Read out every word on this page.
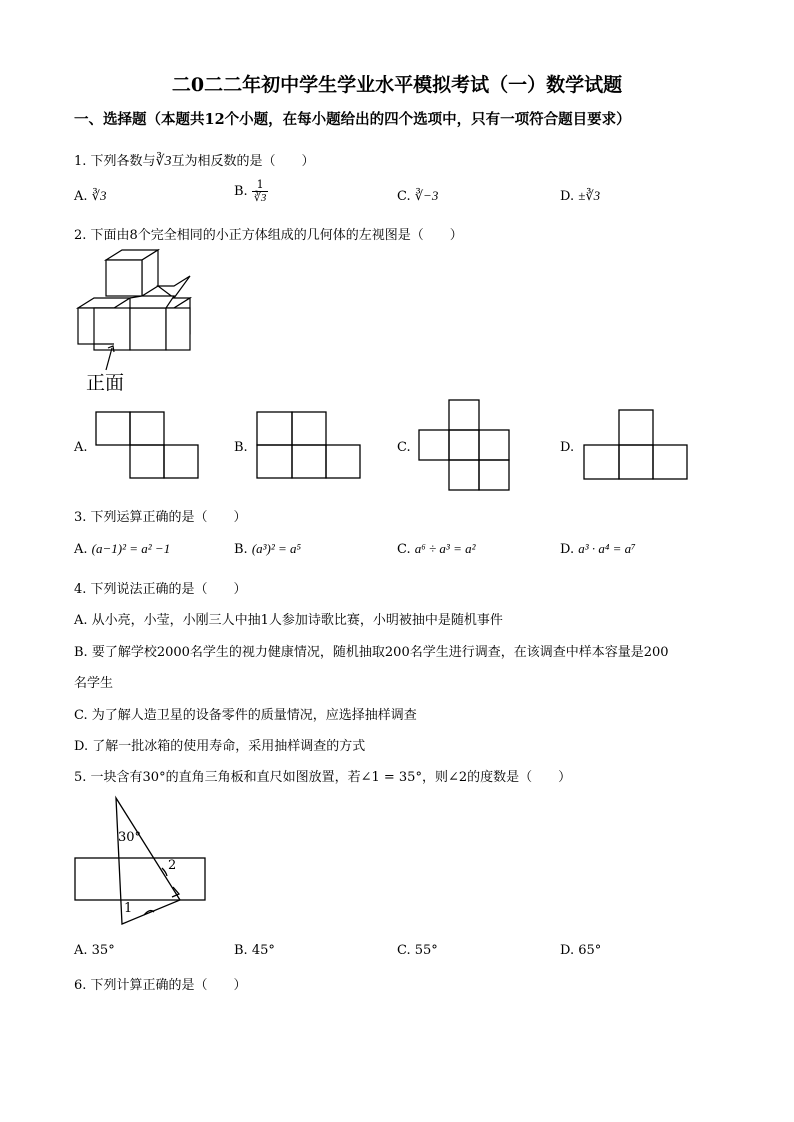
二0二二年初中学生学业水平模拟考试（一）数学试题
一、选择题（本题共12个小题，在每小题给出的四个选项中，只有一项符合题目要求）
1. 下列各数与∛3互为相反数的是（　　）
A. ∛3	B. $\frac{1}{∛3}$	C. ∛−3	D. ±∛3
2. 下面由8个完全相同的小正方体组成的几何体的左视图是（　　）
正面
A.	B.	C.	D.
3. 下列运算正确的是（　　）
A. (a−1)² = a² −1	B. (a³)² = a⁵	C. a⁶ ÷ a³ = a²	D. a³ · a⁴ = a⁷
4. 下列说法正确的是（　　）
A. 从小亮，小莹，小刚三人中抽1人参加诗歌比赛，小明被抽中是随机事件
B. 要了解学校2000名学生的视力健康情况，随机抽取200名学生进行调查，在该调查中样本容量是200
名学生
C. 为了解人造卫星的设备零件的质量情况，应选择抽样调查
D. 了解一批冰箱的使用寿命，采用抽样调查的方式
5. 一块含有30°的直角三角板和直尺如图放置，若∠1 = 35°，则∠2的度数是（　　）
30°
1
2
A. 35°	B. 45°	C. 55°	D. 65°
6. 下列计算正确的是（　　）
